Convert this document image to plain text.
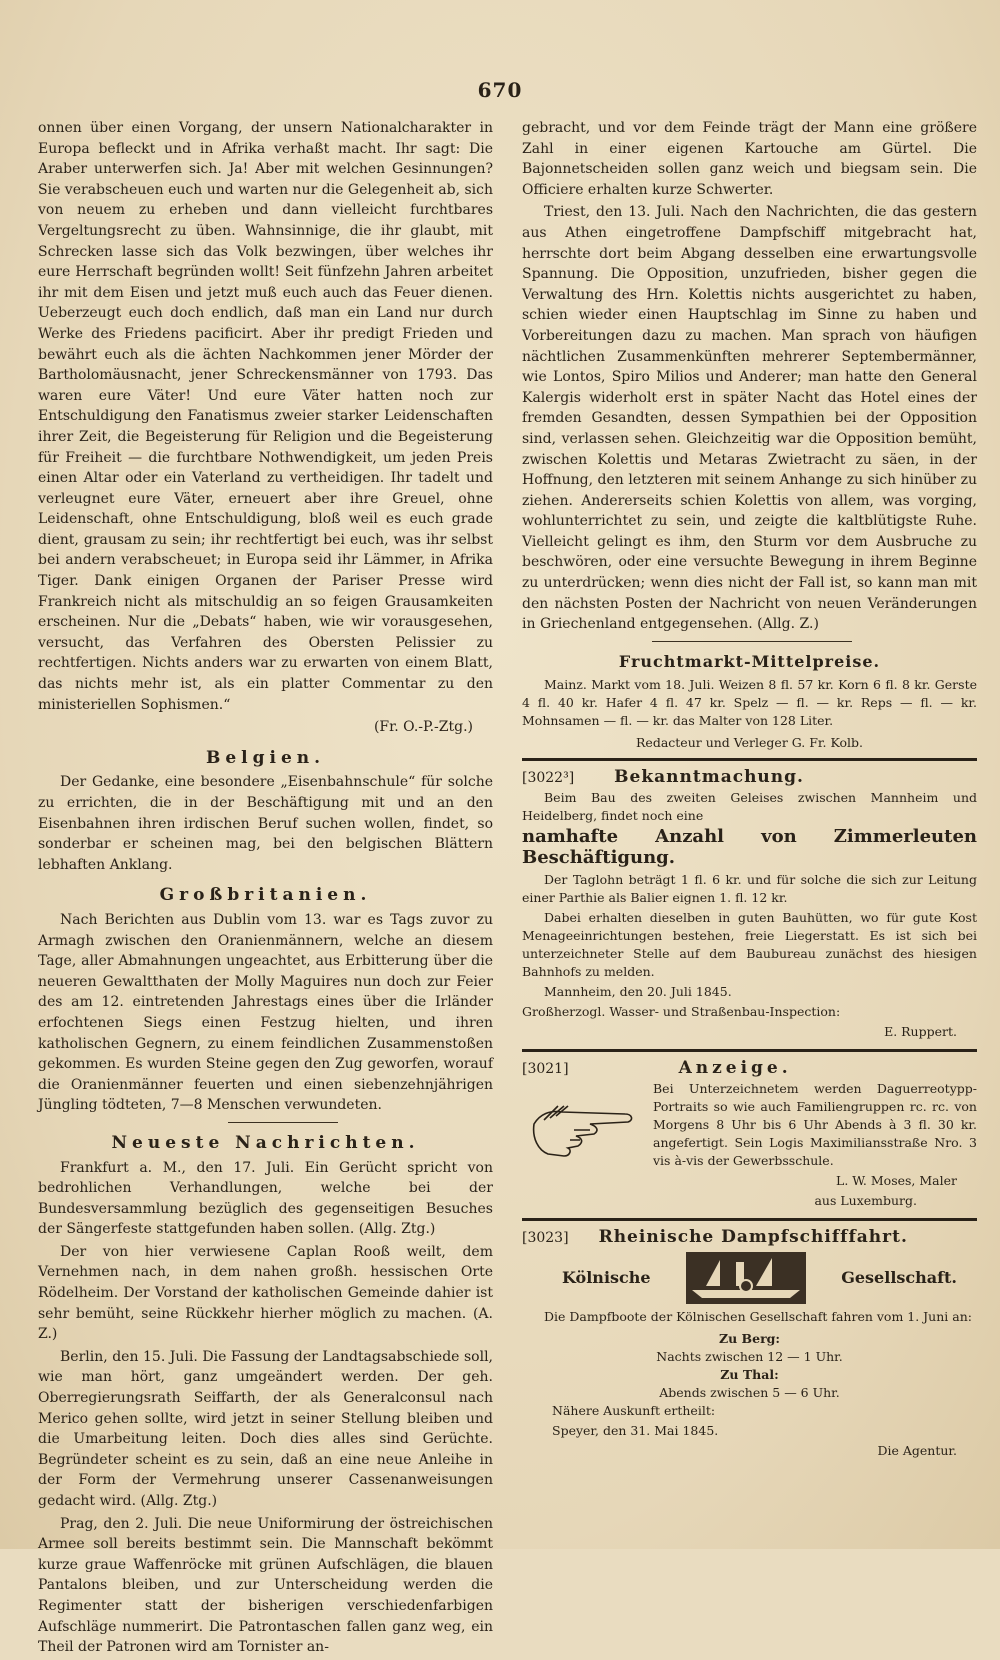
670

onnen über einen Vorgang, der unsern Nationalcharakter in Europa befleckt und in Afrika verhaßt macht. Ihr sagt: Die Araber unterwerfen sich. Ja! Aber mit welchen Gesinnungen? Sie verabscheuen euch und warten nur die Gelegenheit ab, sich von neuem zu erheben und dann vielleicht furchtbares Vergeltungsrecht zu üben. Wahnsinnige, die ihr glaubt, mit Schrecken lasse sich das Volk bezwingen, über welches ihr eure Herrschaft begründen wollt! Seit fünfzehn Jahren arbeitet ihr mit dem Eisen und jetzt muß euch auch das Feuer dienen. Ueberzeugt euch doch endlich, daß man ein Land nur durch Werke des Friedens pacificirt. Aber ihr predigt Frieden und bewährt euch als die ächten Nachkommen jener Mörder der Bartholomäusnacht, jener Schreckensmänner von 1793. Das waren eure Väter! Und eure Väter hatten noch zur Entschuldigung den Fanatismus zweier starker Leidenschaften ihrer Zeit, die Begeisterung für Religion und die Begeisterung für Freiheit — die furchtbare Nothwendigkeit, um jeden Preis einen Altar oder ein Vaterland zu vertheidigen. Ihr tadelt und verleugnet eure Väter, erneuert aber ihre Greuel, ohne Leidenschaft, ohne Entschuldigung, bloß weil es euch grade dient, grausam zu sein; ihr rechtfertigt bei euch, was ihr selbst bei andern verabscheuet; in Europa seid ihr Lämmer, in Afrika Tiger. Dank einigen Organen der Pariser Presse wird Frankreich nicht als mitschuldig an so feigen Grausamkeiten erscheinen. Nur die „Debats“ haben, wie wir vorausgesehen, versucht, das Verfahren des Obersten Pelissier zu rechtfertigen. Nichts anders war zu erwarten von einem Blatt, das nichts mehr ist, als ein platter Commentar zu den ministeriellen Sophismen.“

(Fr. O.-P.-Ztg.)

Belgien.

Der Gedanke, eine besondere „Eisenbahnschule“ für solche zu errichten, die in der Beschäftigung mit und an den Eisenbahnen ihren irdischen Beruf suchen wollen, findet, so sonderbar er scheinen mag, bei den belgischen Blättern lebhaften Anklang.

Großbritanien.

Nach Berichten aus Dublin vom 13. war es Tags zuvor zu Armagh zwischen den Oranienmännern, welche an diesem Tage, aller Abmahnungen ungeachtet, aus Erbitterung über die neueren Gewaltthaten der Molly Maguires nun doch zur Feier des am 12. eintretenden Jahrestags eines über die Irländer erfochtenen Siegs einen Festzug hielten, und ihren katholischen Gegnern, zu einem feindlichen Zusammenstoßen gekommen. Es wurden Steine gegen den Zug geworfen, worauf die Oranienmänner feuerten und einen siebenzehnjährigen Jüngling tödteten, 7—8 Menschen verwundeten.

Neueste Nachrichten.

Frankfurt a. M., den 17. Juli. Ein Gerücht spricht von bedrohlichen Verhandlungen, welche bei der Bundesversammlung bezüglich des gegenseitigen Besuches der Sängerfeste stattgefunden haben sollen. (Allg. Ztg.)

Der von hier verwiesene Caplan Rooß weilt, dem Vernehmen nach, in dem nahen großh. hessischen Orte Rödelheim. Der Vorstand der katholischen Gemeinde dahier ist sehr bemüht, seine Rückkehr hierher möglich zu machen. (A. Z.)

Berlin, den 15. Juli. Die Fassung der Landtagsabschiede soll, wie man hört, ganz umgeändert werden. Der geh. Oberregierungsrath Seiffarth, der als Generalconsul nach Merico gehen sollte, wird jetzt in seiner Stellung bleiben und die Umarbeitung leiten. Doch dies alles sind Gerüchte. Begründeter scheint es zu sein, daß an eine neue Anleihe in der Form der Vermehrung unserer Cassenanweisungen gedacht wird. (Allg. Ztg.)

Prag, den 2. Juli. Die neue Uniformirung der östreichischen Armee soll bereits bestimmt sein. Die Mannschaft bekömmt kurze graue Waffenröcke mit grünen Aufschlägen, die blauen Pantalons bleiben, und zur Unterscheidung werden die Regimenter statt der bisherigen verschiedenfarbigen Aufschläge nummerirt. Die Patrontaschen fallen ganz weg, ein Theil der Patronen wird am Tornister an-

gebracht, und vor dem Feinde trägt der Mann eine größere Zahl in einer eigenen Kartouche am Gürtel. Die Bajonnetscheiden sollen ganz weich und biegsam sein. Die Officiere erhalten kurze Schwerter.

Triest, den 13. Juli. Nach den Nachrichten, die das gestern aus Athen eingetroffene Dampfschiff mitgebracht hat, herrschte dort beim Abgang desselben eine erwartungsvolle Spannung. Die Opposition, unzufrieden, bisher gegen die Verwaltung des Hrn. Kolettis nichts ausgerichtet zu haben, schien wieder einen Hauptschlag im Sinne zu haben und Vorbereitungen dazu zu machen. Man sprach von häufigen nächtlichen Zusammenkünften mehrerer Septembermänner, wie Lontos, Spiro Milios und Anderer; man hatte den General Kalergis widerholt erst in später Nacht das Hotel eines der fremden Gesandten, dessen Sympathien bei der Opposition sind, verlassen sehen. Gleichzeitig war die Opposition bemüht, zwischen Kolettis und Metaras Zwietracht zu säen, in der Hoffnung, den letzteren mit seinem Anhange zu sich hinüber zu ziehen. Andererseits schien Kolettis von allem, was vorging, wohlunterrichtet zu sein, und zeigte die kaltblütigste Ruhe. Vielleicht gelingt es ihm, den Sturm vor dem Ausbruche zu beschwören, oder eine versuchte Bewegung in ihrem Beginne zu unterdrücken; wenn dies nicht der Fall ist, so kann man mit den nächsten Posten der Nachricht von neuen Veränderungen in Griechenland entgegensehen. (Allg. Z.)

Fruchtmarkt-Mittelpreise.

Mainz. Markt vom 18. Juli. Weizen 8 fl. 57 kr. Korn 6 fl. 8 kr. Gerste 4 fl. 40 kr. Hafer 4 fl. 47 kr. Spelz — fl. — kr. Reps — fl. — kr. Mohnsamen — fl. — kr. das Malter von 128 Liter.

Redacteur und Verleger G. Fr. Kolb.
[3022³] Bekanntmachung.

Beim Bau des zweiten Geleises zwischen Mannheim und Heidelberg, findet noch eine

namhafte Anzahl von Zimmerleuten Beschäftigung.

Der Taglohn beträgt 1 fl. 6 kr. und für solche die sich zur Leitung einer Parthie als Balier eignen 1. fl. 12 kr.

Dabei erhalten dieselben in guten Bauhütten, wo für gute Kost Menageeinrichtungen bestehen, freie Liegerstatt. Es ist sich bei unterzeichneter Stelle auf dem Baubureau zunächst des hiesigen Bahnhofs zu melden.

Mannheim, den 20. Juli 1845.

Großherzogl. Wasser- und Straßenbau-Inspection:

E. Ruppert.

[3021]	Anzeige.

Bei Unterzeichnetem werden Daguerreotypp-Portraits so wie auch Familiengruppen rc. rc. von Morgens 8 Uhr bis 6 Uhr Abends à 3 fl. 30 kr. angefertigt. Sein Logis Maximiliansstraße Nro. 3 vis à-vis der Gewerbsschule.

L. W. Moses, Maler

aus Luxemburg.

[3023] Rheinische Dampfschifffahrt.
Kölnische	Gesellschaft.

Die Dampfboote der Kölnischen Gesellschaft fahren vom 1. Juni an:

Zu Berg:
Nachts zwischen 12 — 1 Uhr.
Zu Thal:
Abends zwischen 5 — 6 Uhr.

Nähere Auskunft ertheilt:

Speyer, den 31. Mai 1845.

Die Agentur.
